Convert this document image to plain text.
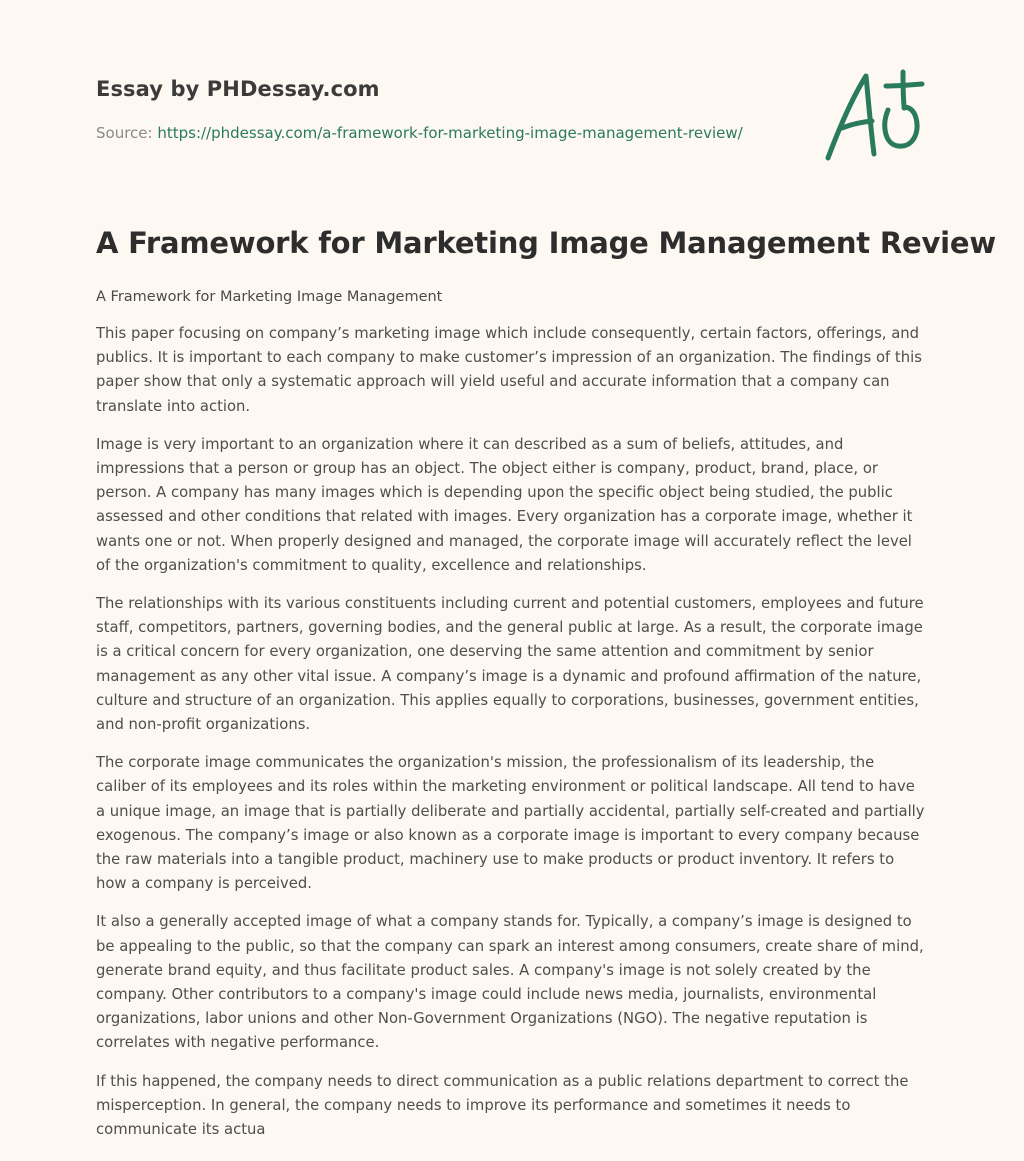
Essay by PHDessay.com

Source: https://phdessay.com/a-framework-for-marketing-image-management-review/

A Framework for Marketing Image Management Review

A Framework for Marketing Image Management

This paper focusing on company’s marketing image which include consequently, certain factors, offerings, and publics. It is important to each company to make customer’s impression of an organization. The findings of this paper show that only a systematic approach will yield useful and accurate information that a company can translate into action.

Image is very important to an organization where it can described as a sum of beliefs, attitudes, and impressions that a person or group has an object. The object either is company, product, brand, place, or person. A company has many images which is depending upon the specific object being studied, the public assessed and other conditions that related with images. Every organization has a corporate image, whether it wants one or not. When properly designed and managed, the corporate image will accurately reflect the level of the organization's commitment to quality, excellence and relationships.

The relationships with its various constituents including current and potential customers, employees and future staff, competitors, partners, governing bodies, and the general public at large. As a result, the corporate image is a critical concern for every organization, one deserving the same attention and commitment by senior management as any other vital issue. A company’s image is a dynamic and profound affirmation of the nature, culture and structure of an organization. This applies equally to corporations, businesses, government entities, and non-profit organizations.

The corporate image communicates the organization's mission, the professionalism of its leadership, the caliber of its employees and its roles within the marketing environment or political landscape. All tend to have a unique image, an image that is partially deliberate and partially accidental, partially self-created and partially exogenous. The company’s image or also known as a corporate image is important to every company because the raw materials into a tangible product, machinery use to make products or product inventory. It refers to how a company is perceived.

It also a generally accepted image of what a company stands for. Typically, a company’s image is designed to be appealing to the public, so that the company can spark an interest among consumers, create share of mind, generate brand equity, and thus facilitate product sales. A company's image is not solely created by the company. Other contributors to a company's image could include news media, journalists, environmental organizations, labor unions and other Non-Government Organizations (NGO). The negative reputation is correlates with negative performance.

If this happened, the company needs to direct communication as a public relations department to correct the misperception. In general, the company needs to improve its performance and sometimes it needs to communicate its actua
